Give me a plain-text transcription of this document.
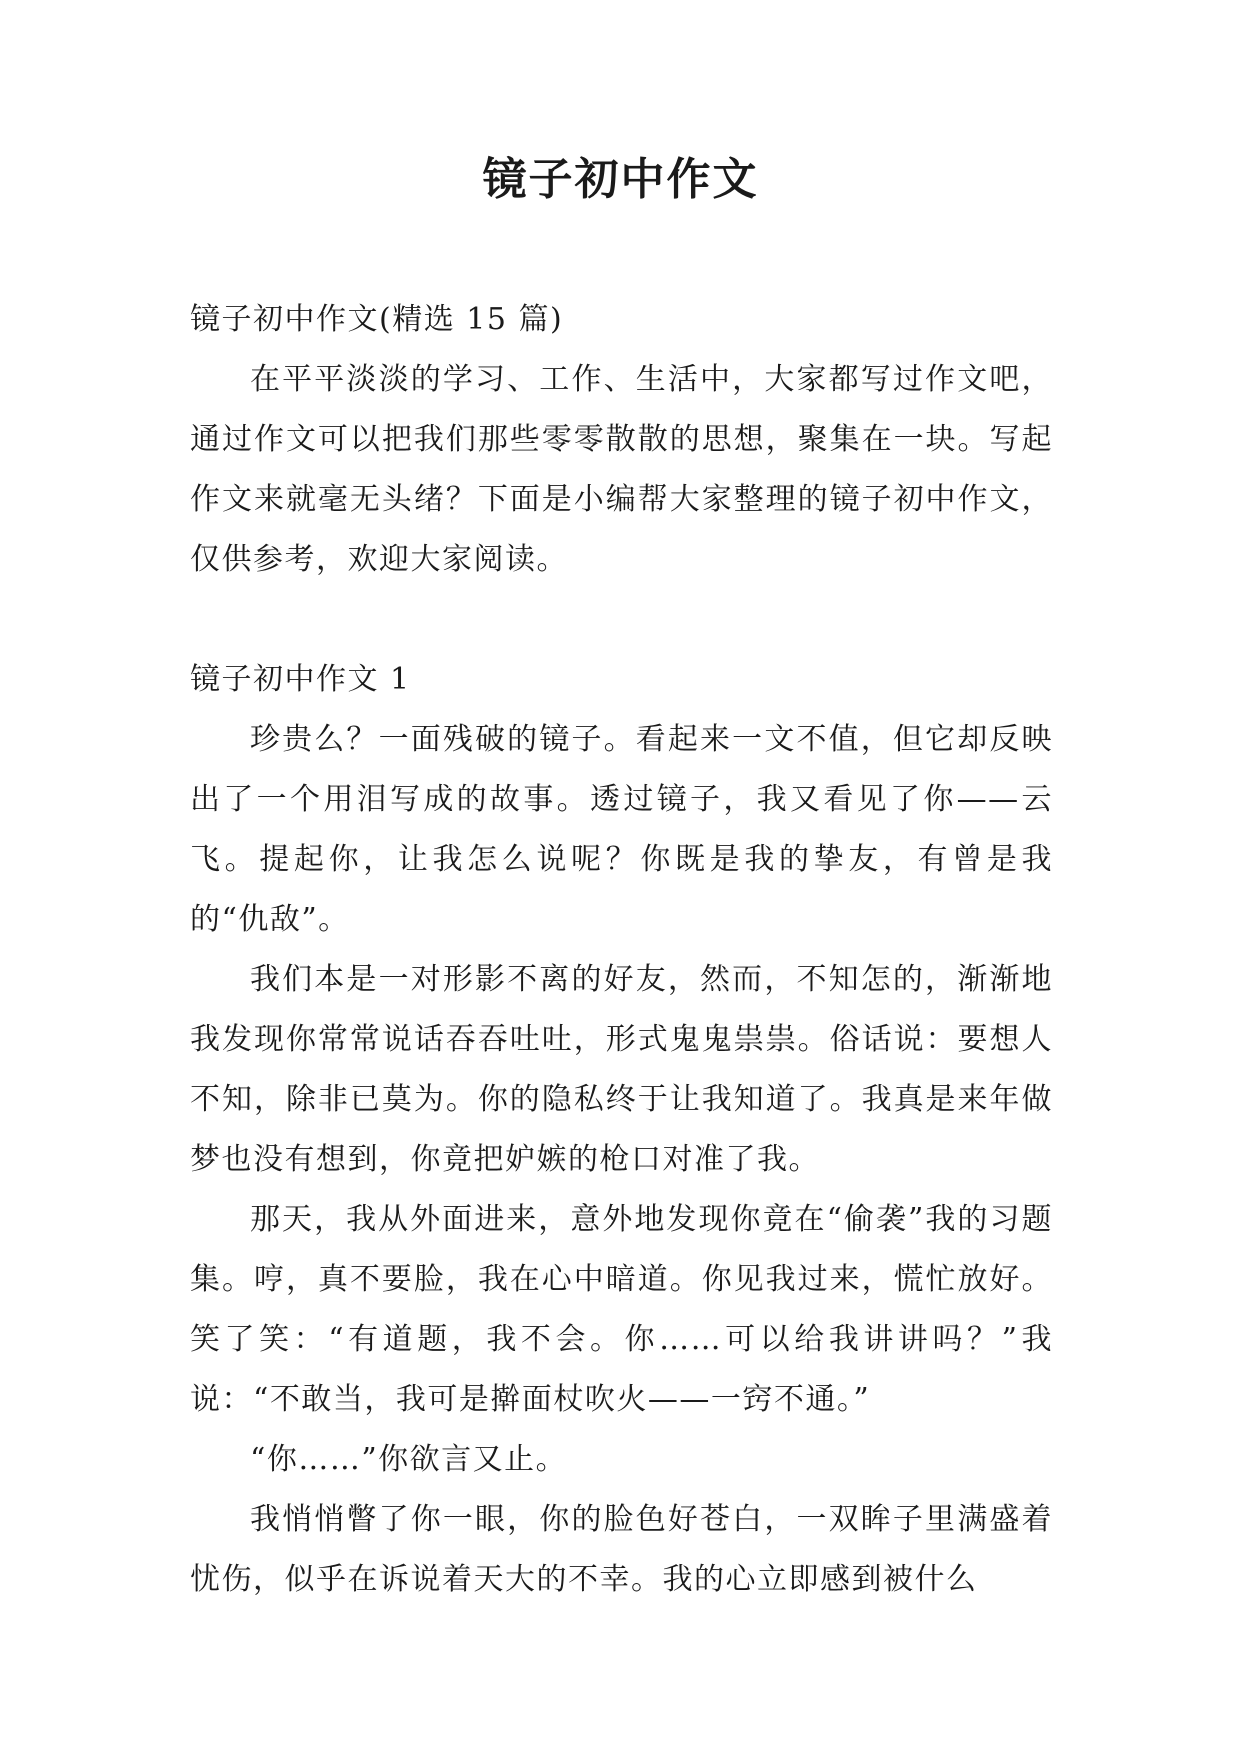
镜子初中作文

镜子初中作文(精选 15 篇)

在平平淡淡的学习、工作、生活中，大家都写过作文吧，通过作文可以把我们那些零零散散的思想，聚集在一块。写起作文来就毫无头绪？下面是小编帮大家整理的镜子初中作文，仅供参考，欢迎大家阅读。

镜子初中作文 1

珍贵么？一面残破的镜子。看起来一文不值，但它却反映出了一个用泪写成的故事。透过镜子，我又看见了你——云飞。提起你，让我怎么说呢？你既是我的挚友，有曾是我的“仇敌”。

我们本是一对形影不离的好友，然而，不知怎的，渐渐地我发现你常常说话吞吞吐吐，形式鬼鬼祟祟。俗话说：要想人不知，除非已莫为。你的隐私终于让我知道了。我真是来年做梦也没有想到，你竟把妒嫉的枪口对准了我。

那天，我从外面进来，意外地发现你竟在“偷袭”我的习题集。哼，真不要脸，我在心中暗道。你见我过来，慌忙放好。笑了笑：“有道题，我不会。你……可以给我讲讲吗？”我说：“不敢当，我可是擀面杖吹火——一窍不通。”

“你……”你欲言又止。

我悄悄瞥了你一眼，你的脸色好苍白，一双眸子里满盛着忧伤，似乎在诉说着天大的不幸。我的心立即感到被什么
